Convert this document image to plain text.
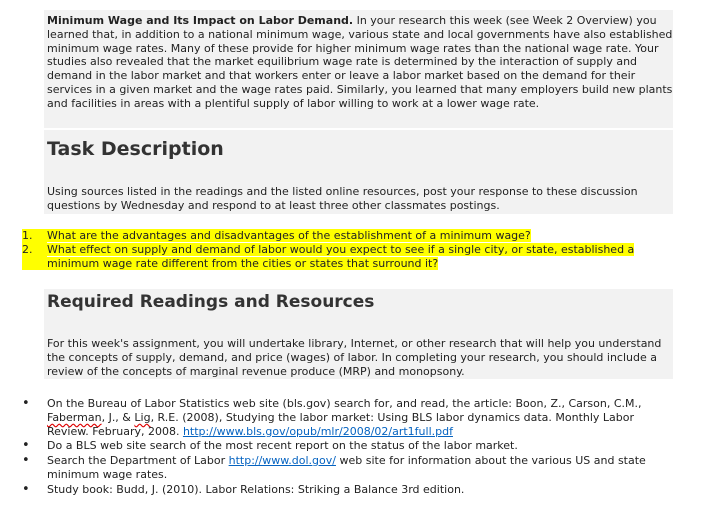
Minimum Wage and Its Impact on Labor Demand. In your research this week (see Week 2 Overview) you learned that, in addition to a national minimum wage, various state and local governments have also established minimum wage rates. Many of these provide for higher minimum wage rates than the national wage rate. Your studies also revealed that the market equilibrium wage rate is determined by the interaction of supply and demand in the labor market and that workers enter or leave a labor market based on the demand for their services in a given market and the wage rates paid. Similarly, you learned that many employers build new plants and facilities in areas with a plentiful supply of labor willing to work at a lower wage rate.
Task Description
Using sources listed in the readings and the listed online resources, post your response to these discussion questions by Wednesday and respond to at least three other classmates postings.
1.	What are the advantages and disadvantages of the establishment of a minimum wage?
2.	What effect on supply and demand of labor would you expect to see if a single city, or state, established a minimum wage rate different from the cities or states that surround it?
Required Readings and Resources
For this week's assignment, you will undertake library, Internet, or other research that will help you understand the concepts of supply, demand, and price (wages) of labor. In completing your research, you should include a review of the concepts of marginal revenue produce (MRP) and monopsony.
•	On the Bureau of Labor Statistics web site (bls.gov) search for, and read, the article: Boon, Z., Carson, C.M., Faberman, J., & Lig, R.E. (2008), Studying the labor market: Using BLS labor dynamics data. Monthly Labor Review. February, 2008. http://www.bls.gov/opub/mlr/2008/02/art1full.pdf
•	Do a BLS web site search of the most recent report on the status of the labor market.
•	Search the Department of Labor http://www.dol.gov/ web site for information about the various US and state minimum wage rates.
•	Study book: Budd, J. (2010). Labor Relations: Striking a Balance 3rd edition.
